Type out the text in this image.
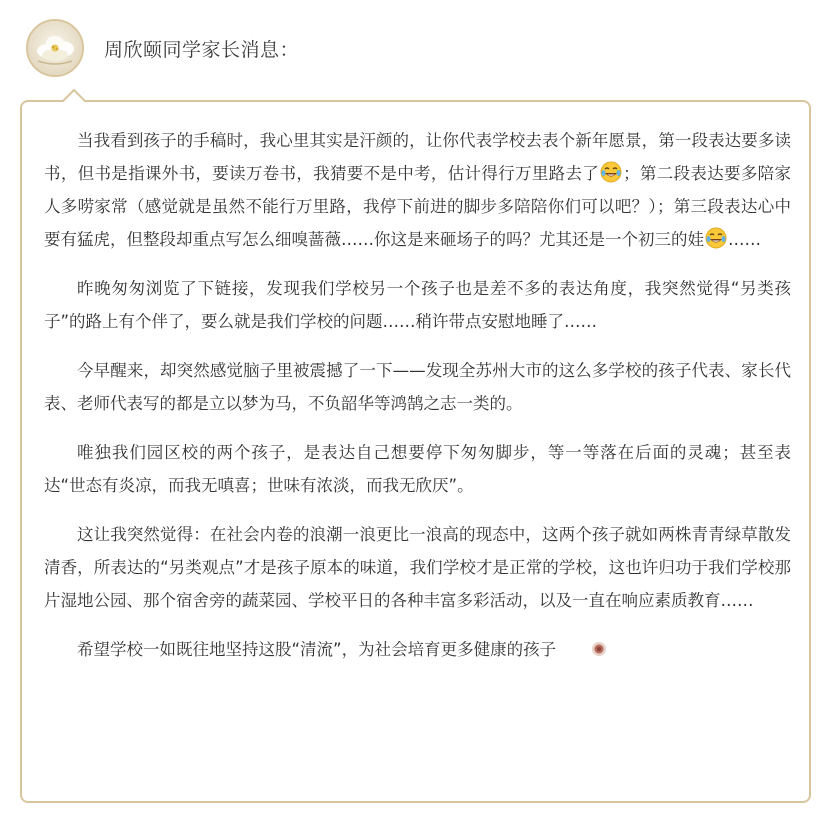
周欣颐同学家长消息：

当我看到孩子的手稿时，我心里其实是汗颜的，让你代表学校去表个新年愿景，第一段表达要多读书，但书是指课外书，要读万卷书，我猜要不是中考，估计得行万里路去了 ；第二段表达要多陪家人多唠家常（感觉就是虽然不能行万里路，我停下前进的脚步多陪陪你们可以吧？）；第三段表达心中要有猛虎，但整段却重点写怎么细嗅蔷薇……你这是来砸场子的吗？尤其还是一个初三的娃 ……

昨晚匆匆浏览了下链接，发现我们学校另一个孩子也是差不多的表达角度，我突然觉得“另类孩子”的路上有个伴了，要么就是我们学校的问题……稍许带点安慰地睡了……

今早醒来，却突然感觉脑子里被震撼了一下——发现全苏州大市的这么多学校的孩子代表、家长代表、老师代表写的都是立以梦为马，不负韶华等鸿鹄之志一类的。

唯独我们园区校的两个孩子，是表达自己想要停下匆匆脚步，等一等落在后面的灵魂；甚至表达“世态有炎凉，而我无嗔喜；世味有浓淡，而我无欣厌”。

这让我突然觉得：在社会内卷的浪潮一浪更比一浪高的现态中，这两个孩子就如两株青青绿草散发清香，所表达的“另类观点”才是孩子原本的味道，我们学校才是正常的学校，这也许归功于我们学校那片湿地公园、那个宿舍旁的蔬菜园、学校平日的各种丰富多彩活动，以及一直在响应素质教育……

希望学校一如既往地坚持这股“清流”，为社会培育更多健康的孩子
